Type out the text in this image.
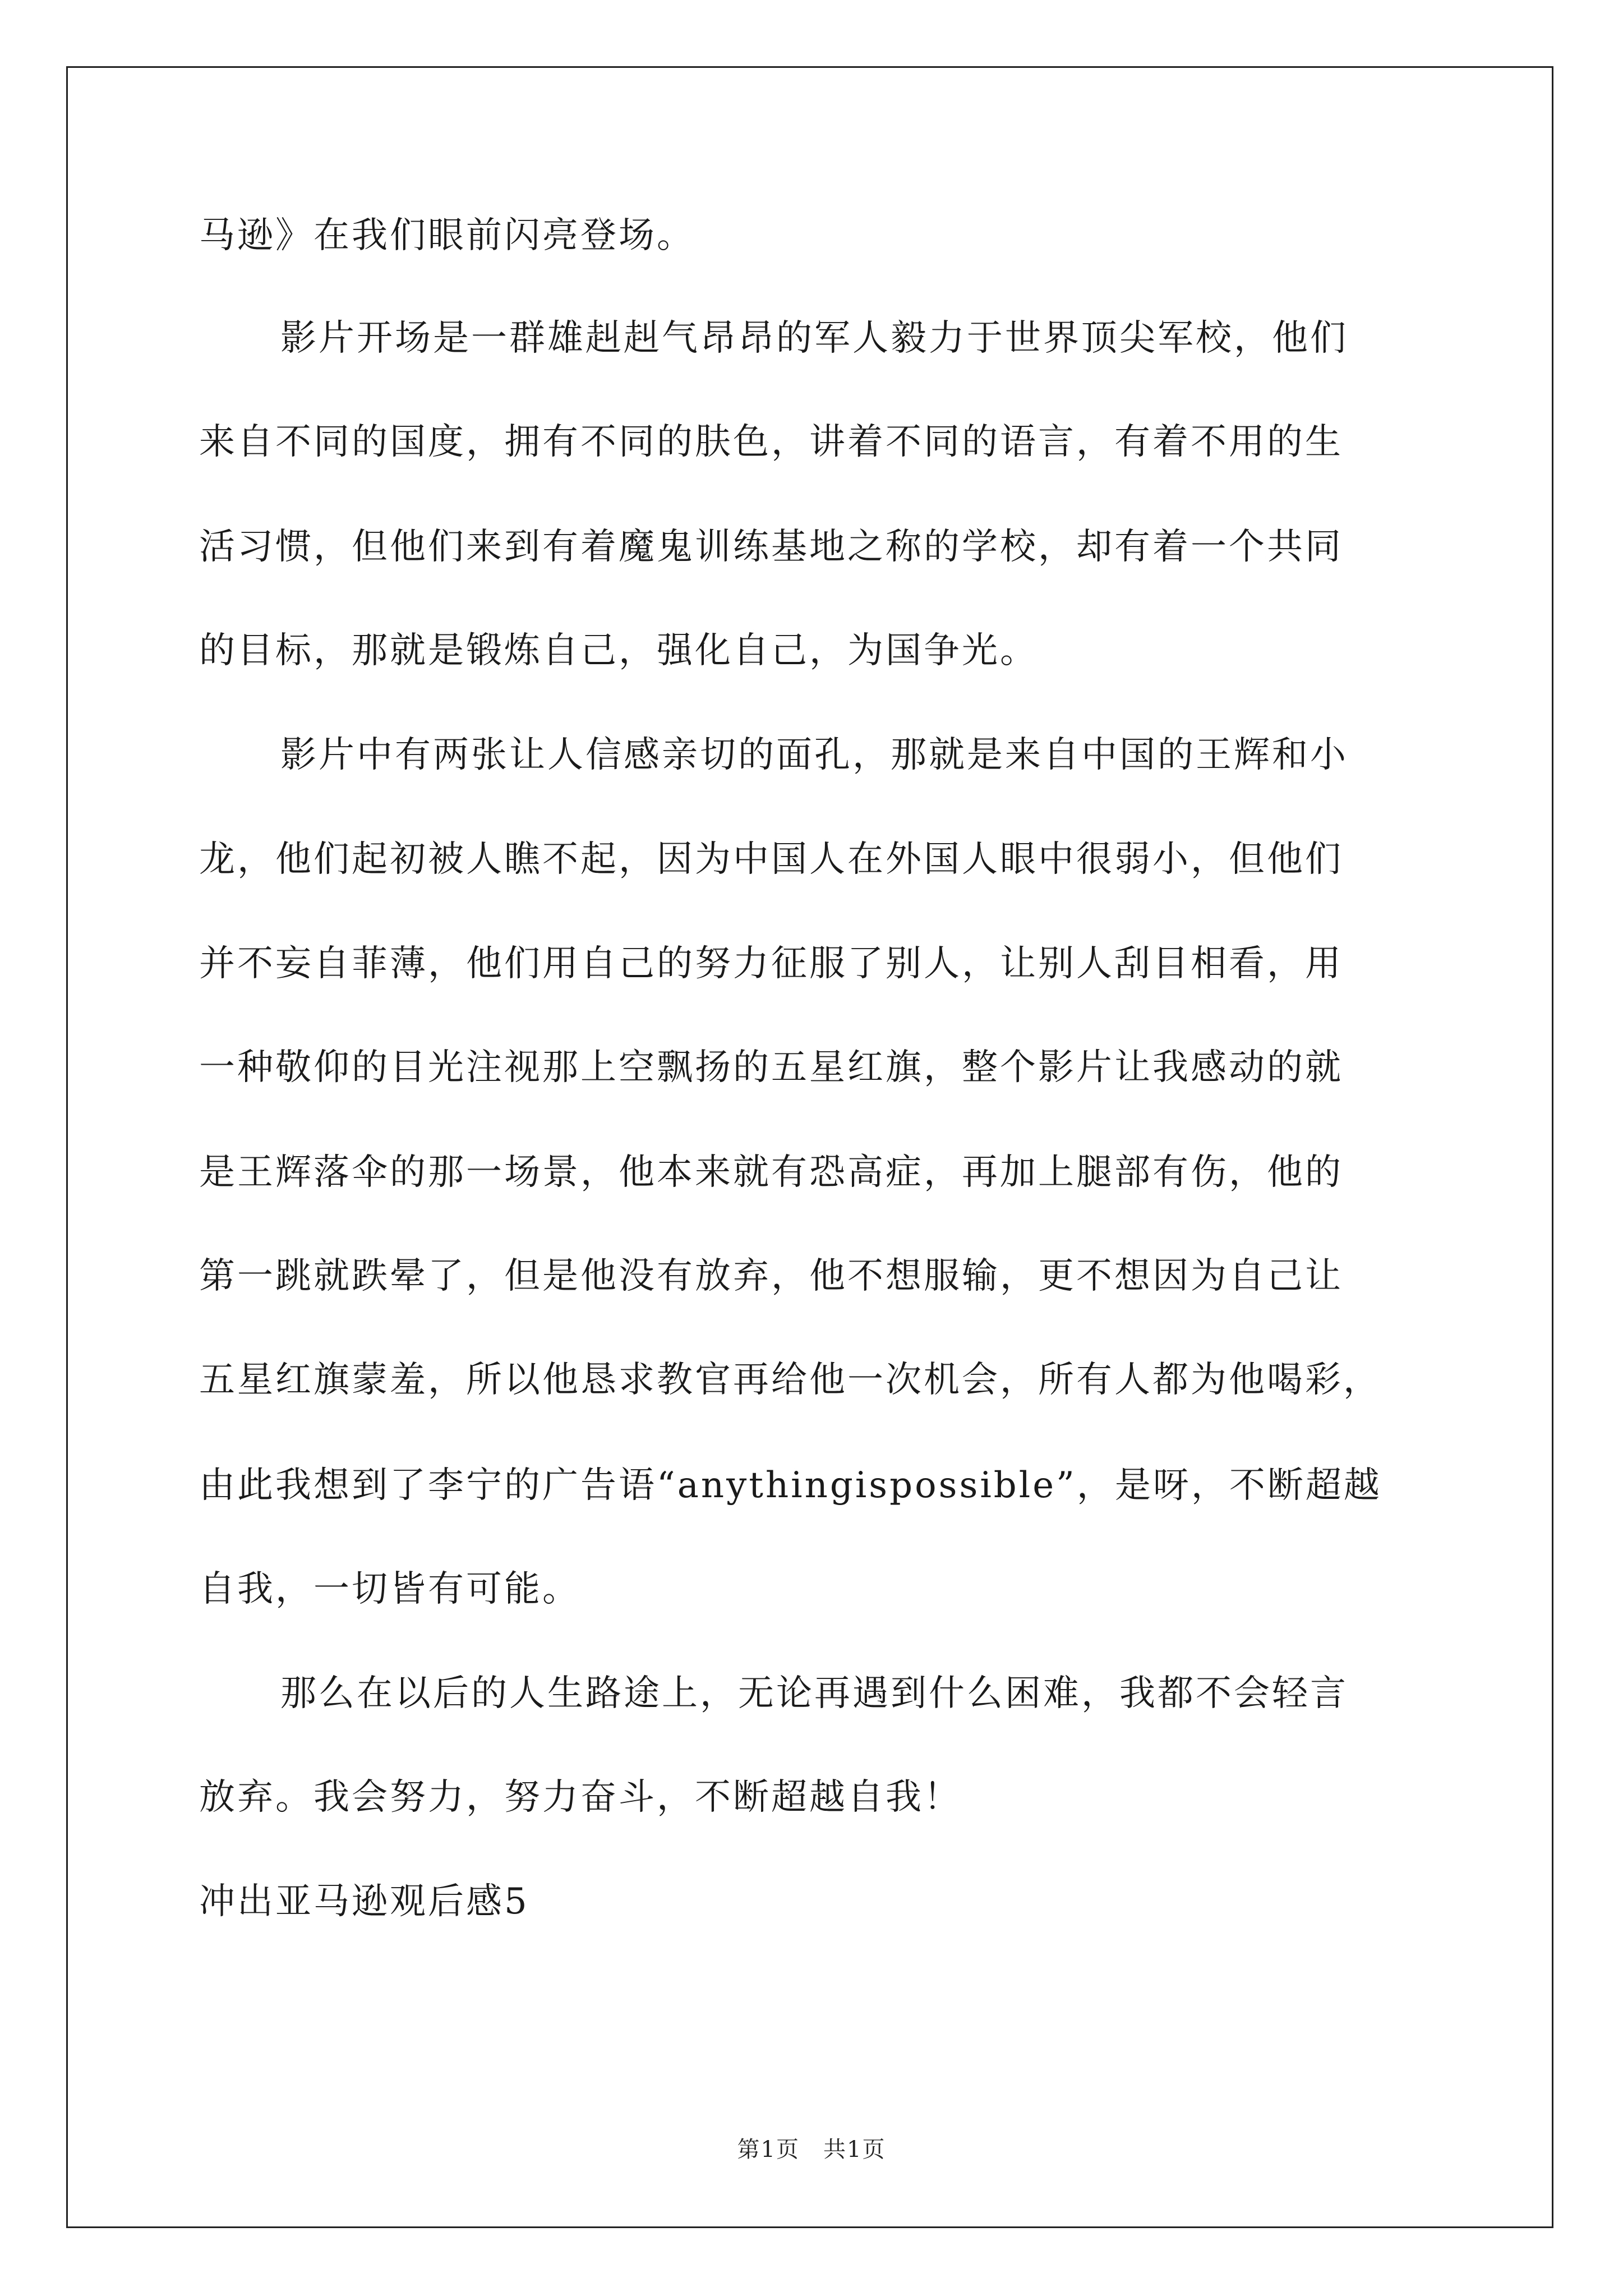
马逊》在我们眼前闪亮登场。
影片开场是一群雄赳赳气昂昂的军人毅力于世界顶尖军校，他们
来自不同的国度，拥有不同的肤色，讲着不同的语言，有着不用的生
活习惯，但他们来到有着魔鬼训练基地之称的学校，却有着一个共同
的目标，那就是锻炼自己，强化自己，为国争光。
影片中有两张让人信感亲切的面孔，那就是来自中国的王辉和小
龙，他们起初被人瞧不起，因为中国人在外国人眼中很弱小，但他们
并不妄自菲薄，他们用自己的努力征服了别人，让别人刮目相看，用
一种敬仰的目光注视那上空飘扬的五星红旗，整个影片让我感动的就
是王辉落伞的那一场景，他本来就有恐高症，再加上腿部有伤，他的
第一跳就跌晕了，但是他没有放弃，他不想服输，更不想因为自己让
五星红旗蒙羞，所以他恳求教官再给他一次机会，所有人都为他喝彩，
由此我想到了李宁的广告语“anythingispossible”，是呀，不断超越
自我，一切皆有可能。
那么在以后的人生路途上，无论再遇到什么困难，我都不会轻言
放弃。我会努力，努力奋斗，不断超越自我！
冲出亚马逊观后感5
第1页　共1页
